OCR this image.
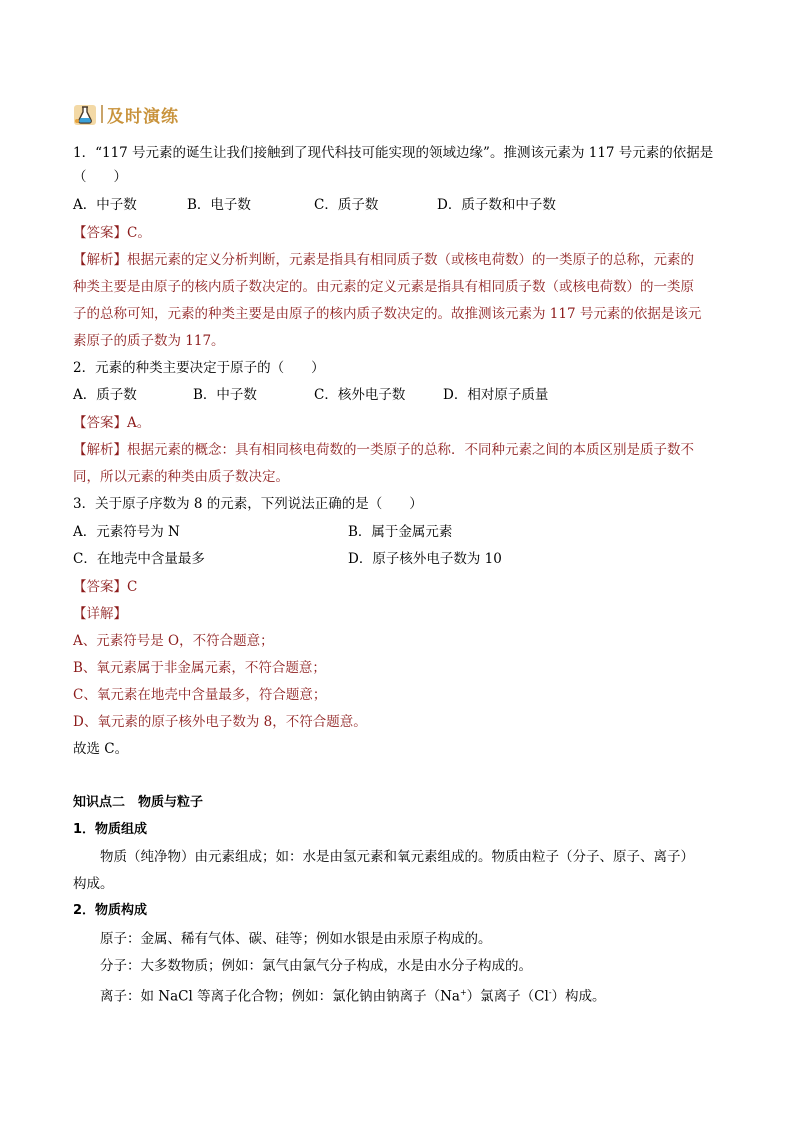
及时演练
1．“117 号元素的诞生让我们接触到了现代科技可能实现的领域边缘”。推测该元素为 117 号元素的依据是
（　　）
A．中子数	B．电子数	C．质子数	D．质子数和中子数
【答案】C。
【解析】根据元素的定义分析判断，元素是指具有相同质子数（或核电荷数）的一类原子的总称，元素的
种类主要是由原子的核内质子数决定的。由元素的定义元素是指具有相同质子数（或核电荷数）的一类原
子的总称可知，元素的种类主要是由原子的核内质子数决定的。故推测该元素为 117 号元素的依据是该元
素原子的质子数为 117。
2．元素的种类主要决定于原子的（　　）
A．质子数	B．中子数	C．核外电子数	D．相对原子质量
【答案】A。
【解析】根据元素的概念：具有相同核电荷数的一类原子的总称．不同种元素之间的本质区别是质子数不
同，所以元素的种类由质子数决定。
3．关于原子序数为 8 的元素，下列说法正确的是（　　）
A．元素符号为 N	B．属于金属元素
C．在地壳中含量最多	D．原子核外电子数为 10
【答案】C
【详解】
A、元素符号是 O，不符合题意；
B、氧元素属于非金属元素，不符合题意；
C、氧元素在地壳中含量最多，符合题意；
D、氧元素的原子核外电子数为 8，不符合题意。
故选 C。
知识点二　物质与粒子
1．物质组成
物质（纯净物）由元素组成；如：水是由氢元素和氧元素组成的。物质由粒子（分子、原子、离子）
构成。
2．物质构成
原子：金属、稀有气体、碳、硅等；例如水银是由汞原子构成的。
分子：大多数物质；例如：氯气由氯气分子构成，水是由水分子构成的。
离子：如 NaCl 等离子化合物；例如：氯化钠由钠离子（Na+）氯离子（Cl-）构成。
